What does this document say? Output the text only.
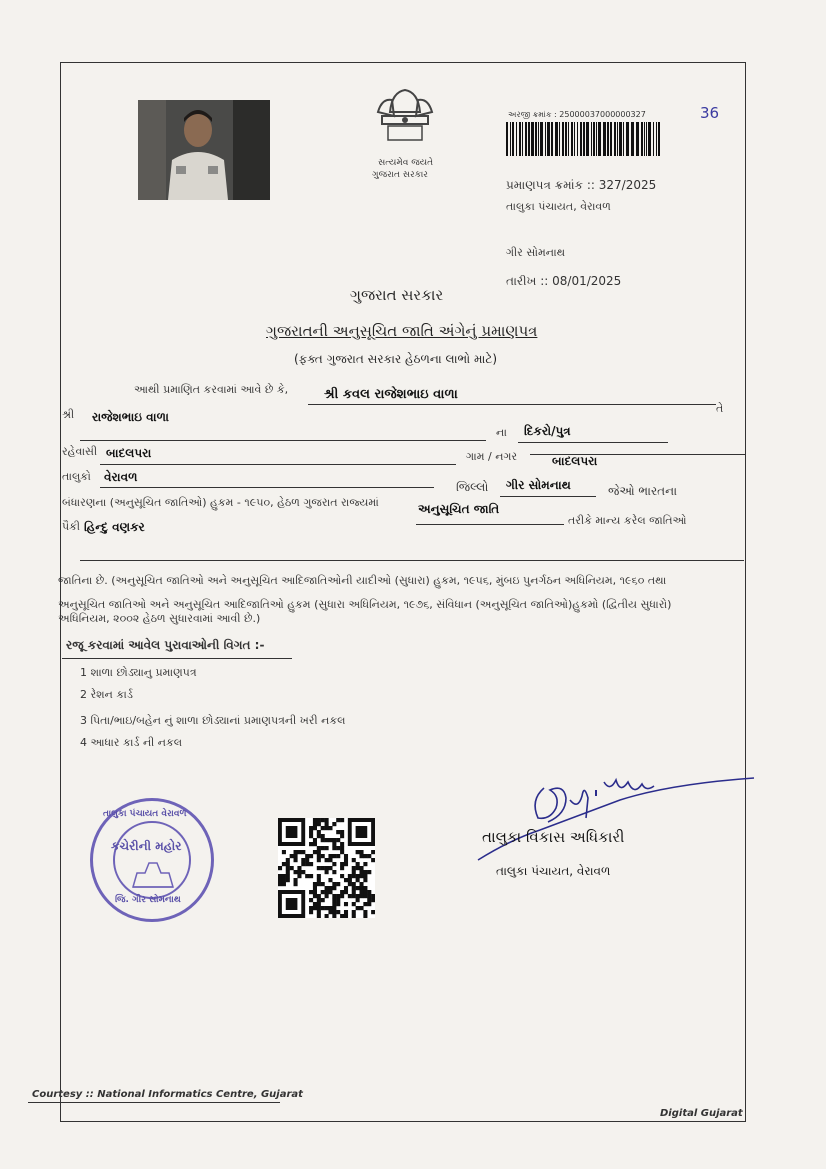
સત્યમેવ જયતે
ગુજરાત સરકાર
અરજી ક્રમાંક : 25000037000000327	36
પ્રમાણપત્ર ક્રમાંક :: 327/2025
તાલુકા પંચાયત, વેરાવળ
ગીર સોમનાથ
તારીખ :: 08/01/2025
ગુજરાત સરકાર
ગુજરાતની અનુસૂચિત જાતિ અંગેનું પ્રમાણપત્ર
(ફક્ત ગુજરાત સરકાર હેઠળના લાભો માટે)
આથી પ્રમાણિત કરવામાં આવે છે કે,	શ્રી કવલ રાજેશભાઇ વાળા
તે
શ્રી રાજેશભાઇ વાળા
ના દિકરો/પુત્ર
રહેવાસી બાદલપરા	ગામ / નગર	બાદલપરા
તાલુકો વેરાવળ
જિલ્લો ગીર સોમનાથ	જેઓ ભારતના
બંધારણના (અનુસૂચિત જાતિઓ) હુકમ - ૧૯૫૦, હેઠળ ગુજરાત રાજ્યમાં	અનુસૂચિત જાતિ
તરીકે માન્ય કરેલ જાતિઓ
પૈકી હિન્દુ વણકર
જાતિના છે. (અનુસૂચિત જાતિઓ અને અનુસૂચિત આદિજાતિઓની યાદીઓ (સુધારા) હુકમ, ૧૯૫૬, મુંબઇ પુનર્ગઠન અધિનિયમ, ૧૯૬૦ તથા
અનુસૂચિત જાતિઓ અને અનુસૂચિત આદિજાતિઓ હુકમ (સુધારા અધિનિયમ, ૧૯૭૬, સંવિધાન (અનુસૂચિત જાતિઓ)હુકમો (દ્વિતીય સુધારો)
અધિનિયમ, ૨૦૦૨ હેઠળ સુધારવામાં આવી છે.)
રજૂ કરવામાં આવેલ પુરાવાઓની વિગત :-
1 શાળા છોડ્યાનુ પ્રમાણપત્ર
2 રેશન કાર્ડ
3 પિતા/ભાઇ/બહેન નું શાળા છોડ્યાનાં પ્રમાણપત્રની ખરી નકલ
4 આધાર કાર્ડ ની નકલ
તાલુકા પંચાયત વેરાવળ
કચેરીની મહોર
જિ. ગીર સોમનાથ
તાલુકા વિકાસ અધિકારી
તાલુકા પંચાયત, વેરાવળ
Courtesy :: National Informatics Centre, Gujarat
Digital Gujarat
